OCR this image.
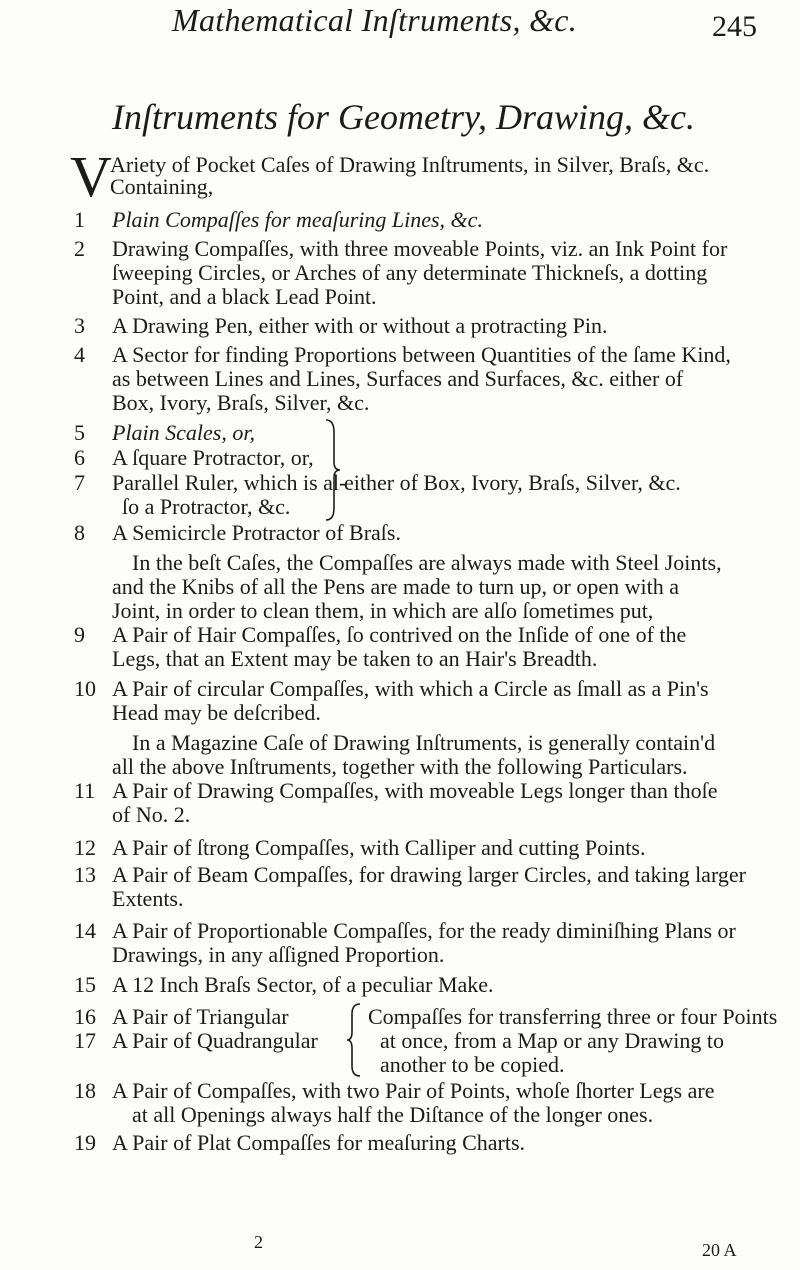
Mathematical Inſtruments, &c.	245
Inſtruments for Geometry, Drawing, &c.
V
Ariety of Pocket Caſes of Drawing Inſtruments, in Silver, Braſs, &c.
Containing,
1 Plain Compaſſes for meaſuring Lines, &c.
2 Drawing Compaſſes, with three moveable Points, viz. an Ink Point for
ſweeping Circles, or Arches of any determinate Thickneſs, a dotting
Point, and a black Lead Point.
3 A Drawing Pen, either with or without a protracting Pin.
4 A Sector for finding Proportions between Quantities of the ſame Kind,
as between Lines and Lines, Surfaces and Surfaces, &c. either of
Box, Ivory, Braſs, Silver, &c.
5 Plain Scales, or,
6 A ſquare Protractor, or,
7 Parallel Ruler, which is al-
ſo a Protractor, &c.
either of Box, Ivory, Braſs, Silver, &c.
8 A Semicircle Protractor of Braſs.
In the beſt Caſes, the Compaſſes are always made with Steel Joints,
and the Knibs of all the Pens are made to turn up, or open with a
Joint, in order to clean them, in which are alſo ſometimes put,
9 A Pair of Hair Compaſſes, ſo contrived on the Inſide of one of the
Legs, that an Extent may be taken to an Hair's Breadth.
10 A Pair of circular Compaſſes, with which a Circle as ſmall as a Pin's
Head may be deſcribed.
In a Magazine Caſe of Drawing Inſtruments, is generally contain'd
all the above Inſtruments, together with the following Particulars.
11 A Pair of Drawing Compaſſes, with moveable Legs longer than thoſe
of No. 2.
12 A Pair of ſtrong Compaſſes, with Calliper and cutting Points.
13 A Pair of Beam Compaſſes, for drawing larger Circles, and taking larger
Extents.
14 A Pair of Proportionable Compaſſes, for the ready diminiſhing Plans or
Drawings, in any aſſigned Proportion.
15 A 12 Inch Braſs Sector, of a peculiar Make.
16 A Pair of Triangular
17 A Pair of Quadrangular
Compaſſes for transferring three or four Points
at once, from a Map or any Drawing to
another to be copied.
18 A Pair of Compaſſes, with two Pair of Points, whoſe ſhorter Legs are
at all Openings always half the Diſtance of the longer ones.
19 A Pair of Plat Compaſſes for meaſuring Charts.
2	20 A
